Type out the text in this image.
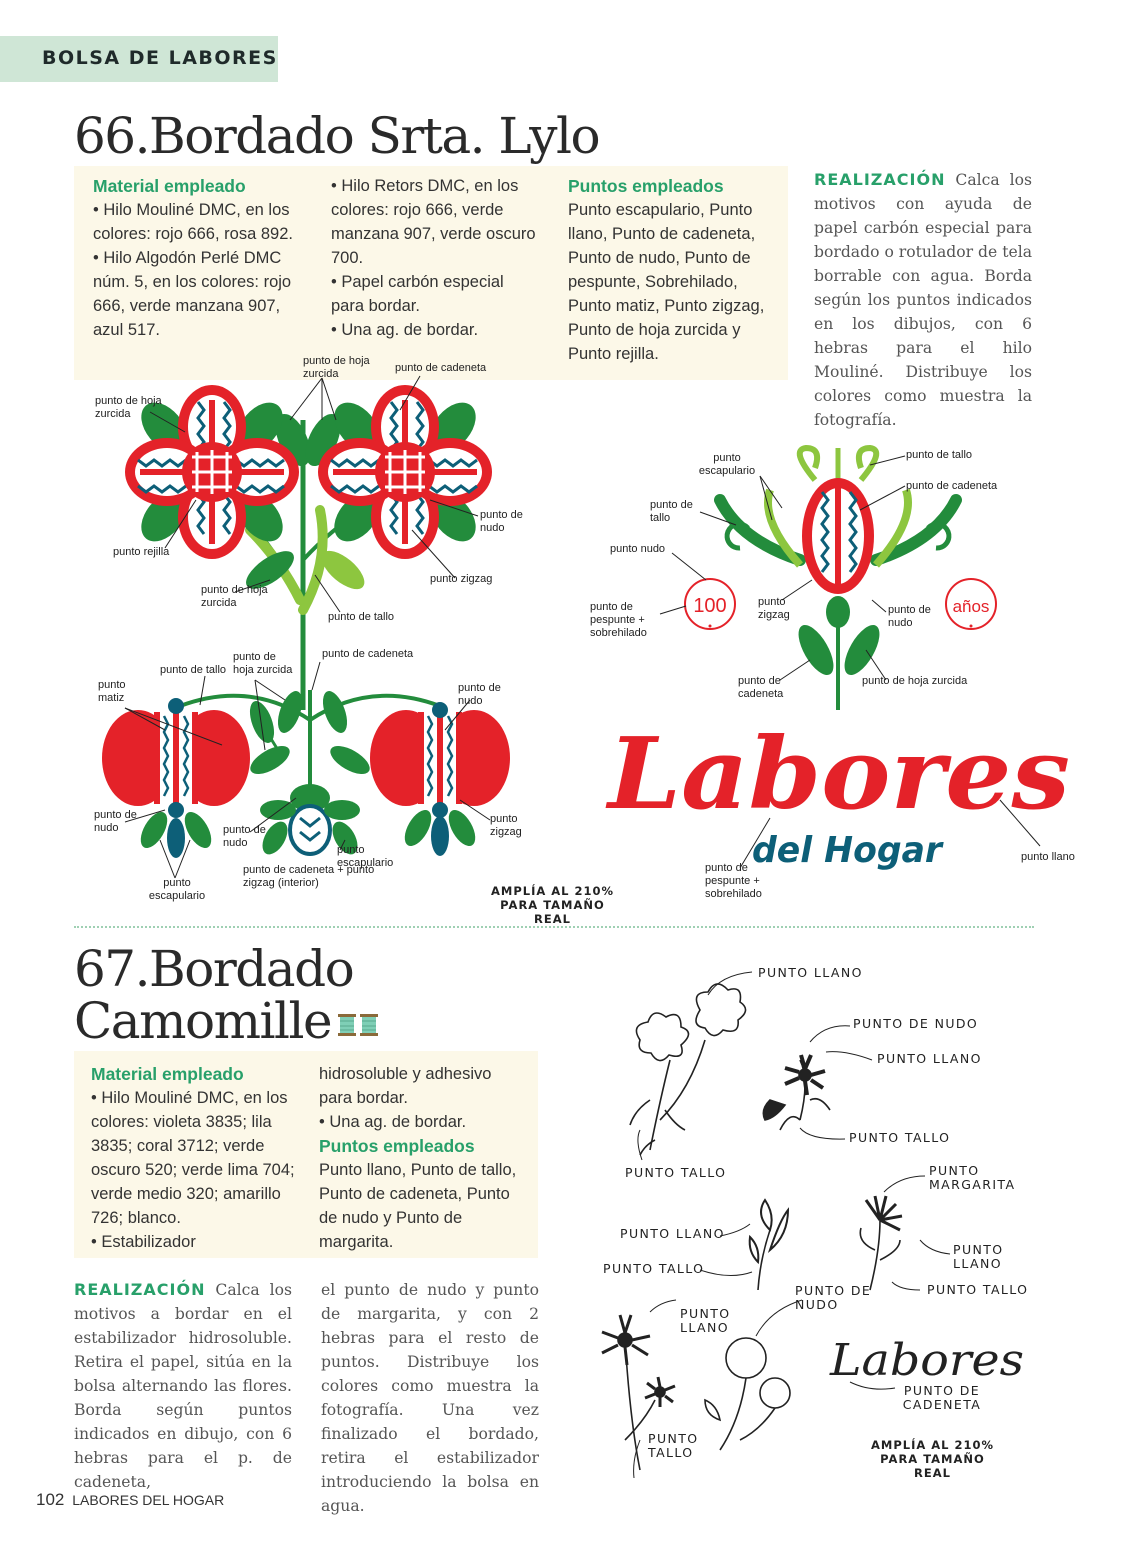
BOLSA DE LABORES
66.Bordado Srta. Lylo
Material empleado
• Hilo Mouliné DMC, en los colores: rojo 666, rosa 892.
• Hilo Algodón Perlé DMC núm. 5, en los colores: rojo 666, verde manzana 907, azul 517.
• Hilo Retors DMC, en los colores: rojo 666, verde manzana 907, verde oscuro 700.
• Papel carbón especial para bordar.
• Una ag. de bordar.
Puntos empleados
Punto escapulario, Punto llano, Punto de cadeneta, Punto de nudo, Punto de pespunte, Sobrehilado, Punto matiz, Punto zigzag, Punto de hoja zurcida y Punto rejilla.
REALIZACIÓN Calca los motivos con ayuda de papel carbón especial para bordado o rotulador de tela borrable con agua. Borda según los puntos indicados en los dibujos, con 6 hebras para el hilo Mouliné. Distribuye los colores como muestra la fotografía.
100	años
Labores
del Hogar
Labores
punto de hoja zurcida
punto de hoja zurcida
punto de cadeneta
punto de nudo
punto rejilla
punto zigzag
punto de hoja zurcida
punto de tallo
punto de cadeneta
punto de tallo
punto de hoja zurcida
punto matiz
punto de nudo
punto de nudo	punto de nudo
punto zigzag
punto escapulario
punto de cadeneta + punto zigzag (interior)
punto escapulario
punto escapulario
punto de tallo
punto de cadeneta
punto de tallo
punto nudo
punto de pespunte + sobrehilado
punto zigzag	punto de nudo
punto de cadeneta
punto de hoja zurcida
punto llano
punto de pespunte + sobrehilado
AMPLÍA AL 210% PARA TAMAÑO REAL
67.Bordado
Camomille
Material empleado
• Hilo Mouliné DMC, en los colores: violeta 3835; lila 3835; coral 3712; verde oscuro 520; verde lima 704; verde medio 320; amarillo 726; blanco.
• Estabilizador
hidrosoluble y adhesivo para bordar.
• Una ag. de bordar.
Puntos empleados
Punto llano, Punto de tallo, Punto de cadeneta, Punto de nudo y Punto de margarita.
REALIZACIÓN Calca los motivos a bordar en el estabilizador hidrosoluble. Retira el papel, sitúa en la bolsa alternando las flores. Borda según puntos indicados en dibujo, con 6 hebras para el p. de cadeneta,
el punto de nudo y punto de margarita, y con 2 hebras para el resto de puntos. Distribuye los colores como muestra la fotografía. Una vez finalizado el bordado, retira el estabilizador introduciendo la bolsa en agua.
PUNTO LLANO
PUNTO DE NUDO
PUNTO LLANO
PUNTO TALLO
PUNTO TALLO	PUNTO MARGARITA
PUNTO LLANO
PUNTO TALLO
PUNTO LLANO
PUNTO TALLO
PUNTO DE NUDO
PUNTO LLANO
PUNTO DE CADENETA
PUNTO TALLO	AMPLÍA AL 210% PARA TAMAÑO REAL
102 LABORES DEL HOGAR
